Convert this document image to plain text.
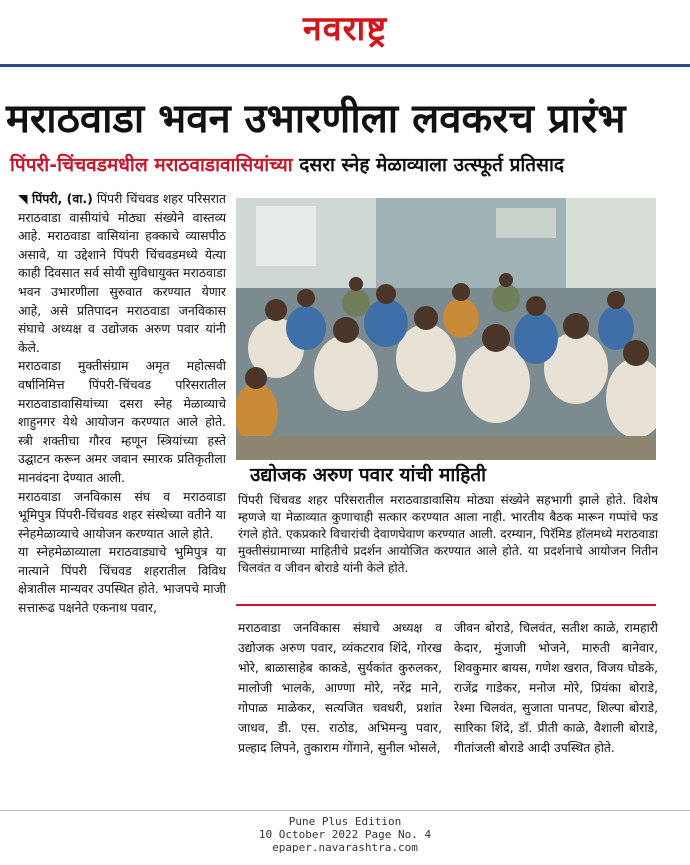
नवराष्ट्र
मराठवाडा भवन उभारणीला लवकरच प्रारंभ
पिंपरी-चिंचवडमधील मराठवाडावासियांच्या दसरा स्नेह मेळाव्याला उत्स्फूर्त प्रतिसाद

◥ पिंपरी, (वा.) पिंपरी चिंचवड शहर परिसरात मराठवाडा वासीयांचे मोठ्या संख्येने वास्तव्य आहे. मराठवाडा वासियांना हक्काचे व्यासपीठ असावे, या उद्देशाने पिंपरी चिंचवडमध्ये येत्या काही दिवसात सर्व सोयी सुविधायुक्त मराठवाडा भवन उभारणीला सुरुवात करण्यात येणार आहे, असे प्रतिपादन मराठवाडा जनविकास संघाचे अध्यक्ष व उद्योजक अरुण पवार यांनी केले.

मराठवाडा मुक्तीसंग्राम अमृत महोत्सवी वर्षानिमित्त पिंपरी-चिंचवड परिसरातील मराठवाडावासियांच्या दसरा स्नेह मेळाव्याचे शाहुनगर येथे आयोजन करण्यात आले होते. स्त्री शक्तीचा गौरव म्हणून स्त्रियांच्या हस्ते उद्घाटन करून अमर जवान स्मारक प्रतिकृतीला मानवंदना देण्यात आली.

मराठवाडा जनविकास संघ व मराठवाडा भूमिपुत्र पिंपरी-चिंचवड शहर संस्थेच्या वतीने या स्नेहमेळाव्याचे आयोजन करण्यात आले होते.

या स्नेहमेळाव्याला मराठवाड्याचे भुमिपुत्र या नात्याने पिंपरी चिंचवड शहरातील विविध क्षेत्रातील मान्यवर उपस्थित होते. भाजपचे माजी सत्तारूढ पक्षनेते एकनाथ पवार,

उद्योजक अरुण पवार यांची माहिती
पिंपरी चिंचवड शहर परिसरातील मराठवाडावासिय मोठ्या संख्येने सहभागी झाले होते. विशेष म्हणजे या मेळाव्यात कुणाचाही सत्कार करण्यात आला नाही. भारतीय बैठक मारून गप्पांचे फड रंगले होते. एकप्रकारे विचारांची देवाणघेवाण करण्यात आली. दरम्यान, पिरॅमिड हॉलमध्ये मराठवाडा मुक्तीसंग्रामाच्या माहितीचे प्रदर्शन आयोजित करण्यात आले होते. या प्रदर्शनाचे आयोजन नितीन चिलवंत व जीवन बोराडे यांनी केले होते.
मराठवाडा जनविकास संघाचे अध्यक्ष व उद्योजक अरुण पवार, व्यंकटराव शिंदे, गोरख भोरे, बाळासाहेब काकडे, सुर्यकांत कुरुलकर, मालोजी भालके, आण्णा मोरे, नरेंद्र माने, गोपाळ माळेकर, सत्यजित चवधरी, प्रशांत जाधव, डी. एस. राठोड, अभिमन्यु पवार, प्रल्हाद लिपने, तुकाराम गोंगाने, सुनील भोसले,
जीवन बोराडे, चिलवंत, सतीश काळे, रामहारी केदार, मुंजाजी भोजने, मारुती बानेवार, शिवकुमार बायस, गणेश खरात, विजय घोडके, राजेंद्र गाडेकर, मनोज मोरे, प्रियंका बोराडे, रेश्मा चिलवंत, सुजाता पानपट, शिल्पा बोराडे, सारिका शिंदे, डॉ. प्रीती काळे, वैशाली बोराडे, गीतांजली बोराडे आदी उपस्थित होते.
Pune Plus Edition
10 October 2022 Page No. 4
epaper.navarashtra.com
